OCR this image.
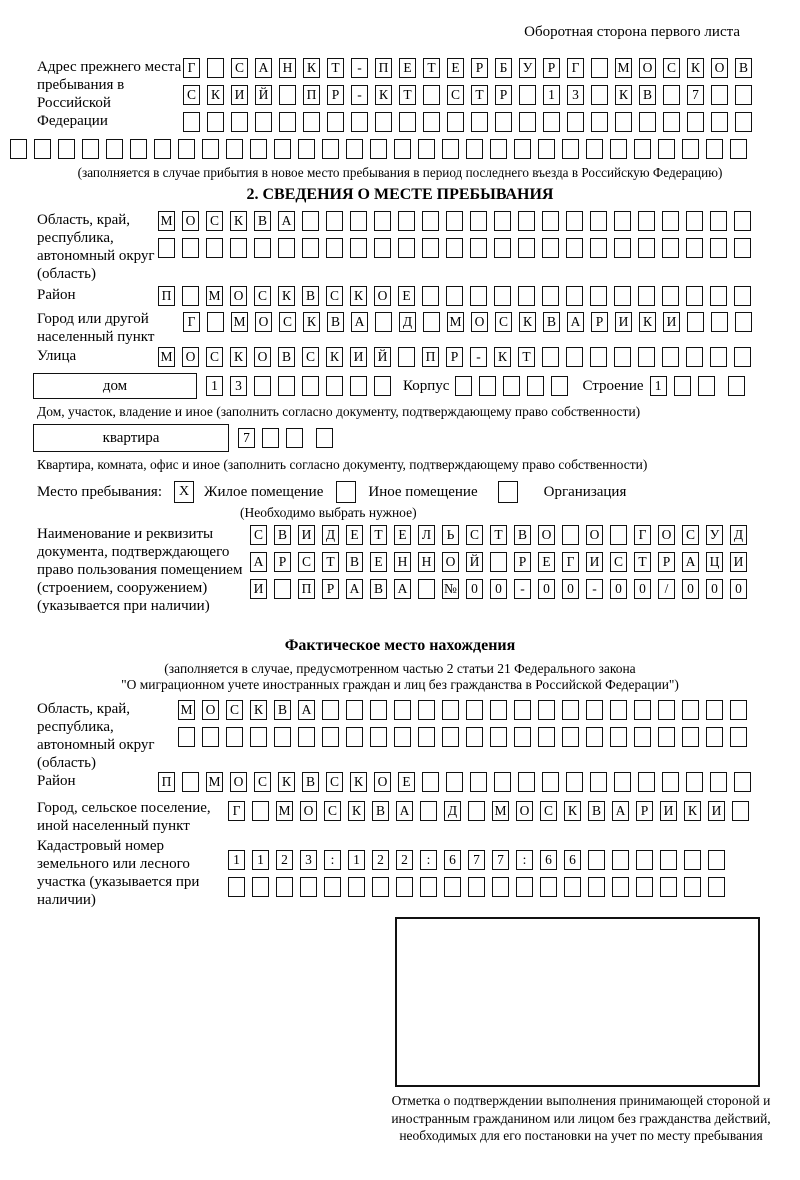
Оборотная сторона первого листа
Адрес прежнего места пребывания в Российской Федерации
Г	С А Н К	Т	-	П	Е	Т	Е	Р	Б	У	Р	Г	М О С К О В
С К И Й	П	Р	-	К	Т	С	Т	Р	1	3	К В	7
(заполняется в случае прибытия в новое место пребывания в период последнего въезда в Российскую Федерацию)
2. СВЕДЕНИЯ О МЕСТЕ ПРЕБЫВАНИЯ
Область, край, республика, автономный округ (область)
М О С К В А
Район	П	М О С К В С К О	Е
Город или другой населенный пункт
Г	М О С К В А	Д	М О С К В А	Р	И К И
Улица	М О С К О В С К И Й	П	Р	-	К	Т
дом	1	3	Корпус	Строение 1
Дом, участок, владение и иное (заполнить согласно документу, подтверждающему право собственности)
квартира	7
Квартира, комната, офис и иное (заполнить согласно документу, подтверждающему право собственности)
Место пребывания:	X Жилое помещение	Иное помещение	Организация
(Необходимо выбрать нужное)
Наименование и реквизиты документа, подтверждающего право пользования помещением (строением, сооружением) (указывается при наличии)
С В И Д	Е	Т	Е	Л	Ь	С	Т	В О	О	Г	О С У Д
А	Р	С	Т	В	Е	Н Н О Й	Р	Е	Г	И С	Т	Р	А Ц И
И	П	Р	А В А	№	0	0	-	0	0	-	0	0	/	0	0	0
Фактическое место нахождения
(заполняется в случае, предусмотренном частью 2 статьи 21 Федерального закона
"О миграционном учете иностранных граждан и лиц без гражданства в Российской Федерации")
Область, край, республика, автономный округ (область)
М О С К В А
Район	П	М О С К В С К О	Е
Город, сельское поселение, иной населенный пункт
Г	М О С К В А	Д	М О С К В А	Р	И К И
Кадастровый номер земельного или лесного участка (указывается при наличии)
1	1	2	3	:	1	2	2	:	6	7	7	:	6	6
Отметка о подтверждении выполнения принимающей стороной и иностранным гражданином или лицом без гражданства действий, необходимых для его постановки на учет по месту пребывания
